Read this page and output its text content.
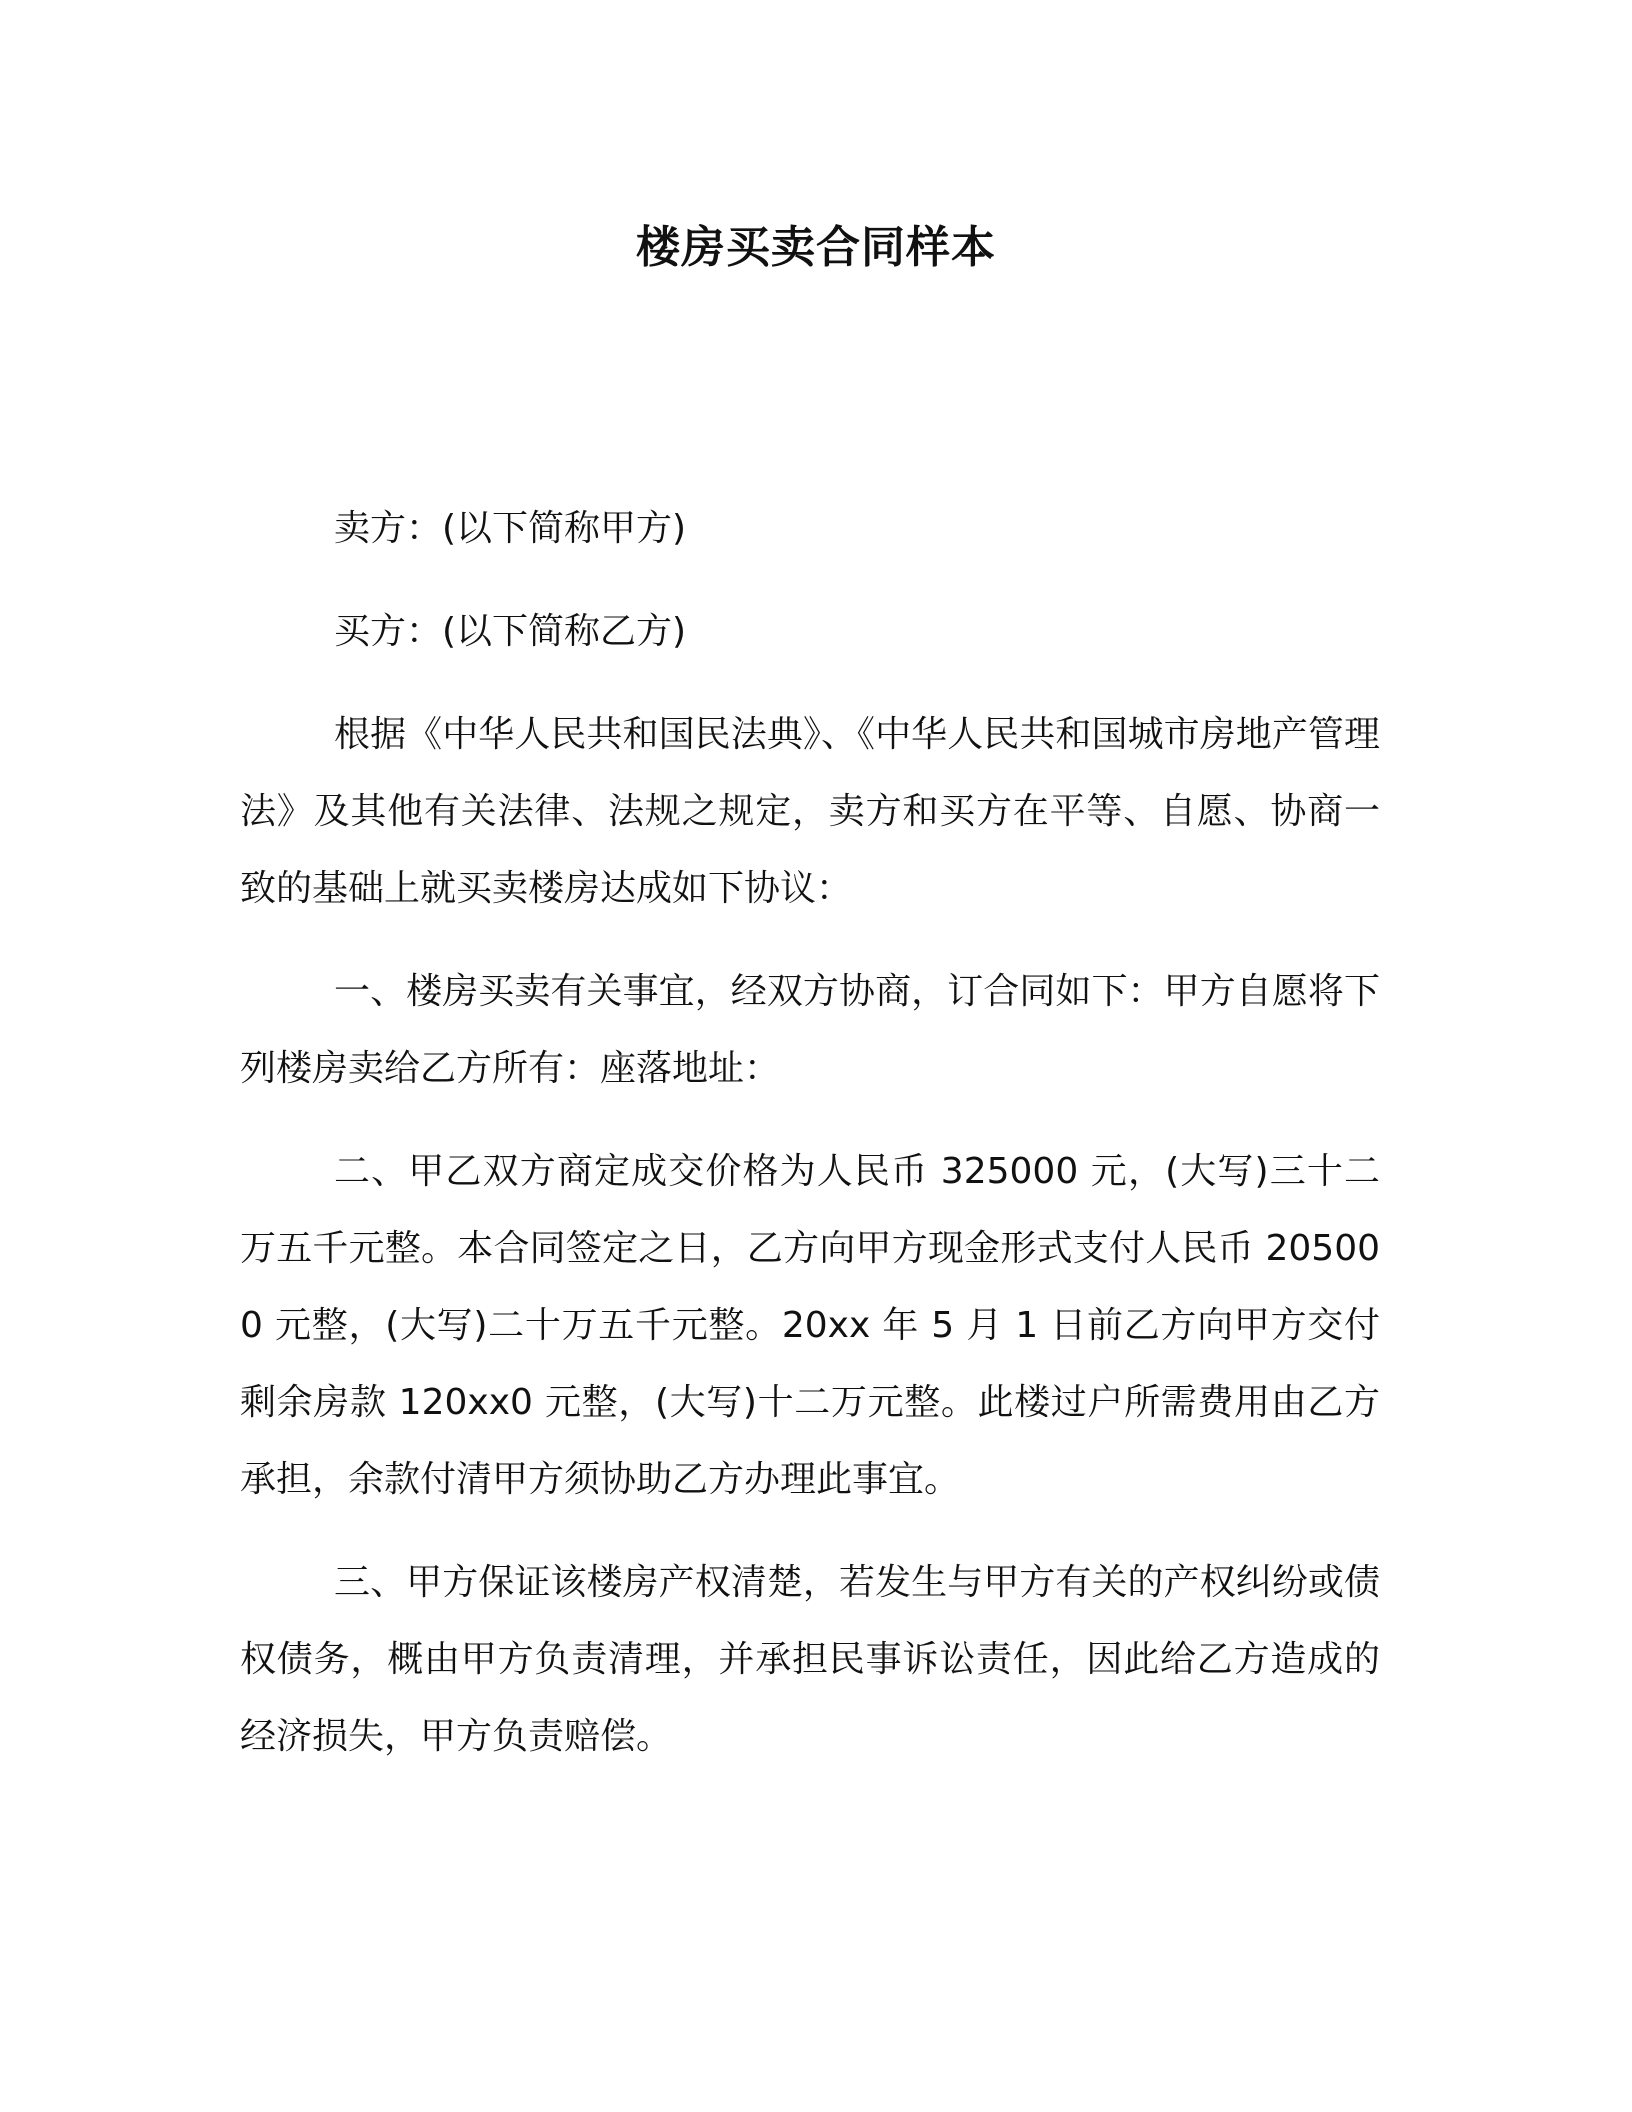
楼房买卖合同样本

卖方：(以下简称甲方)

买方：(以下简称乙方)

根据《中华人民共和国民法典》、《中华人民共和国城市房地产管理法》及其他有关法律、法规之规定，卖方和买方在平等、自愿、协商一致的基础上就买卖楼房达成如下协议：

一、楼房买卖有关事宜，经双方协商，订合同如下：甲方自愿将下列楼房卖给乙方所有：座落地址：

二、甲乙双方商定成交价格为人民币 325000 元，(大写)三十二万五千元整。本合同签定之日，乙方向甲方现金形式支付人民币 205000 元整，(大写)二十万五千元整。20xx 年 5 月 1 日前乙方向甲方交付剩余房款 120xx0 元整，(大写)十二万元整。此楼过户所需费用由乙方承担，余款付清甲方须协助乙方办理此事宜。

三、甲方保证该楼房产权清楚，若发生与甲方有关的产权纠纷或债权债务，概由甲方负责清理，并承担民事诉讼责任，因此给乙方造成的经济损失，甲方负责赔偿。
